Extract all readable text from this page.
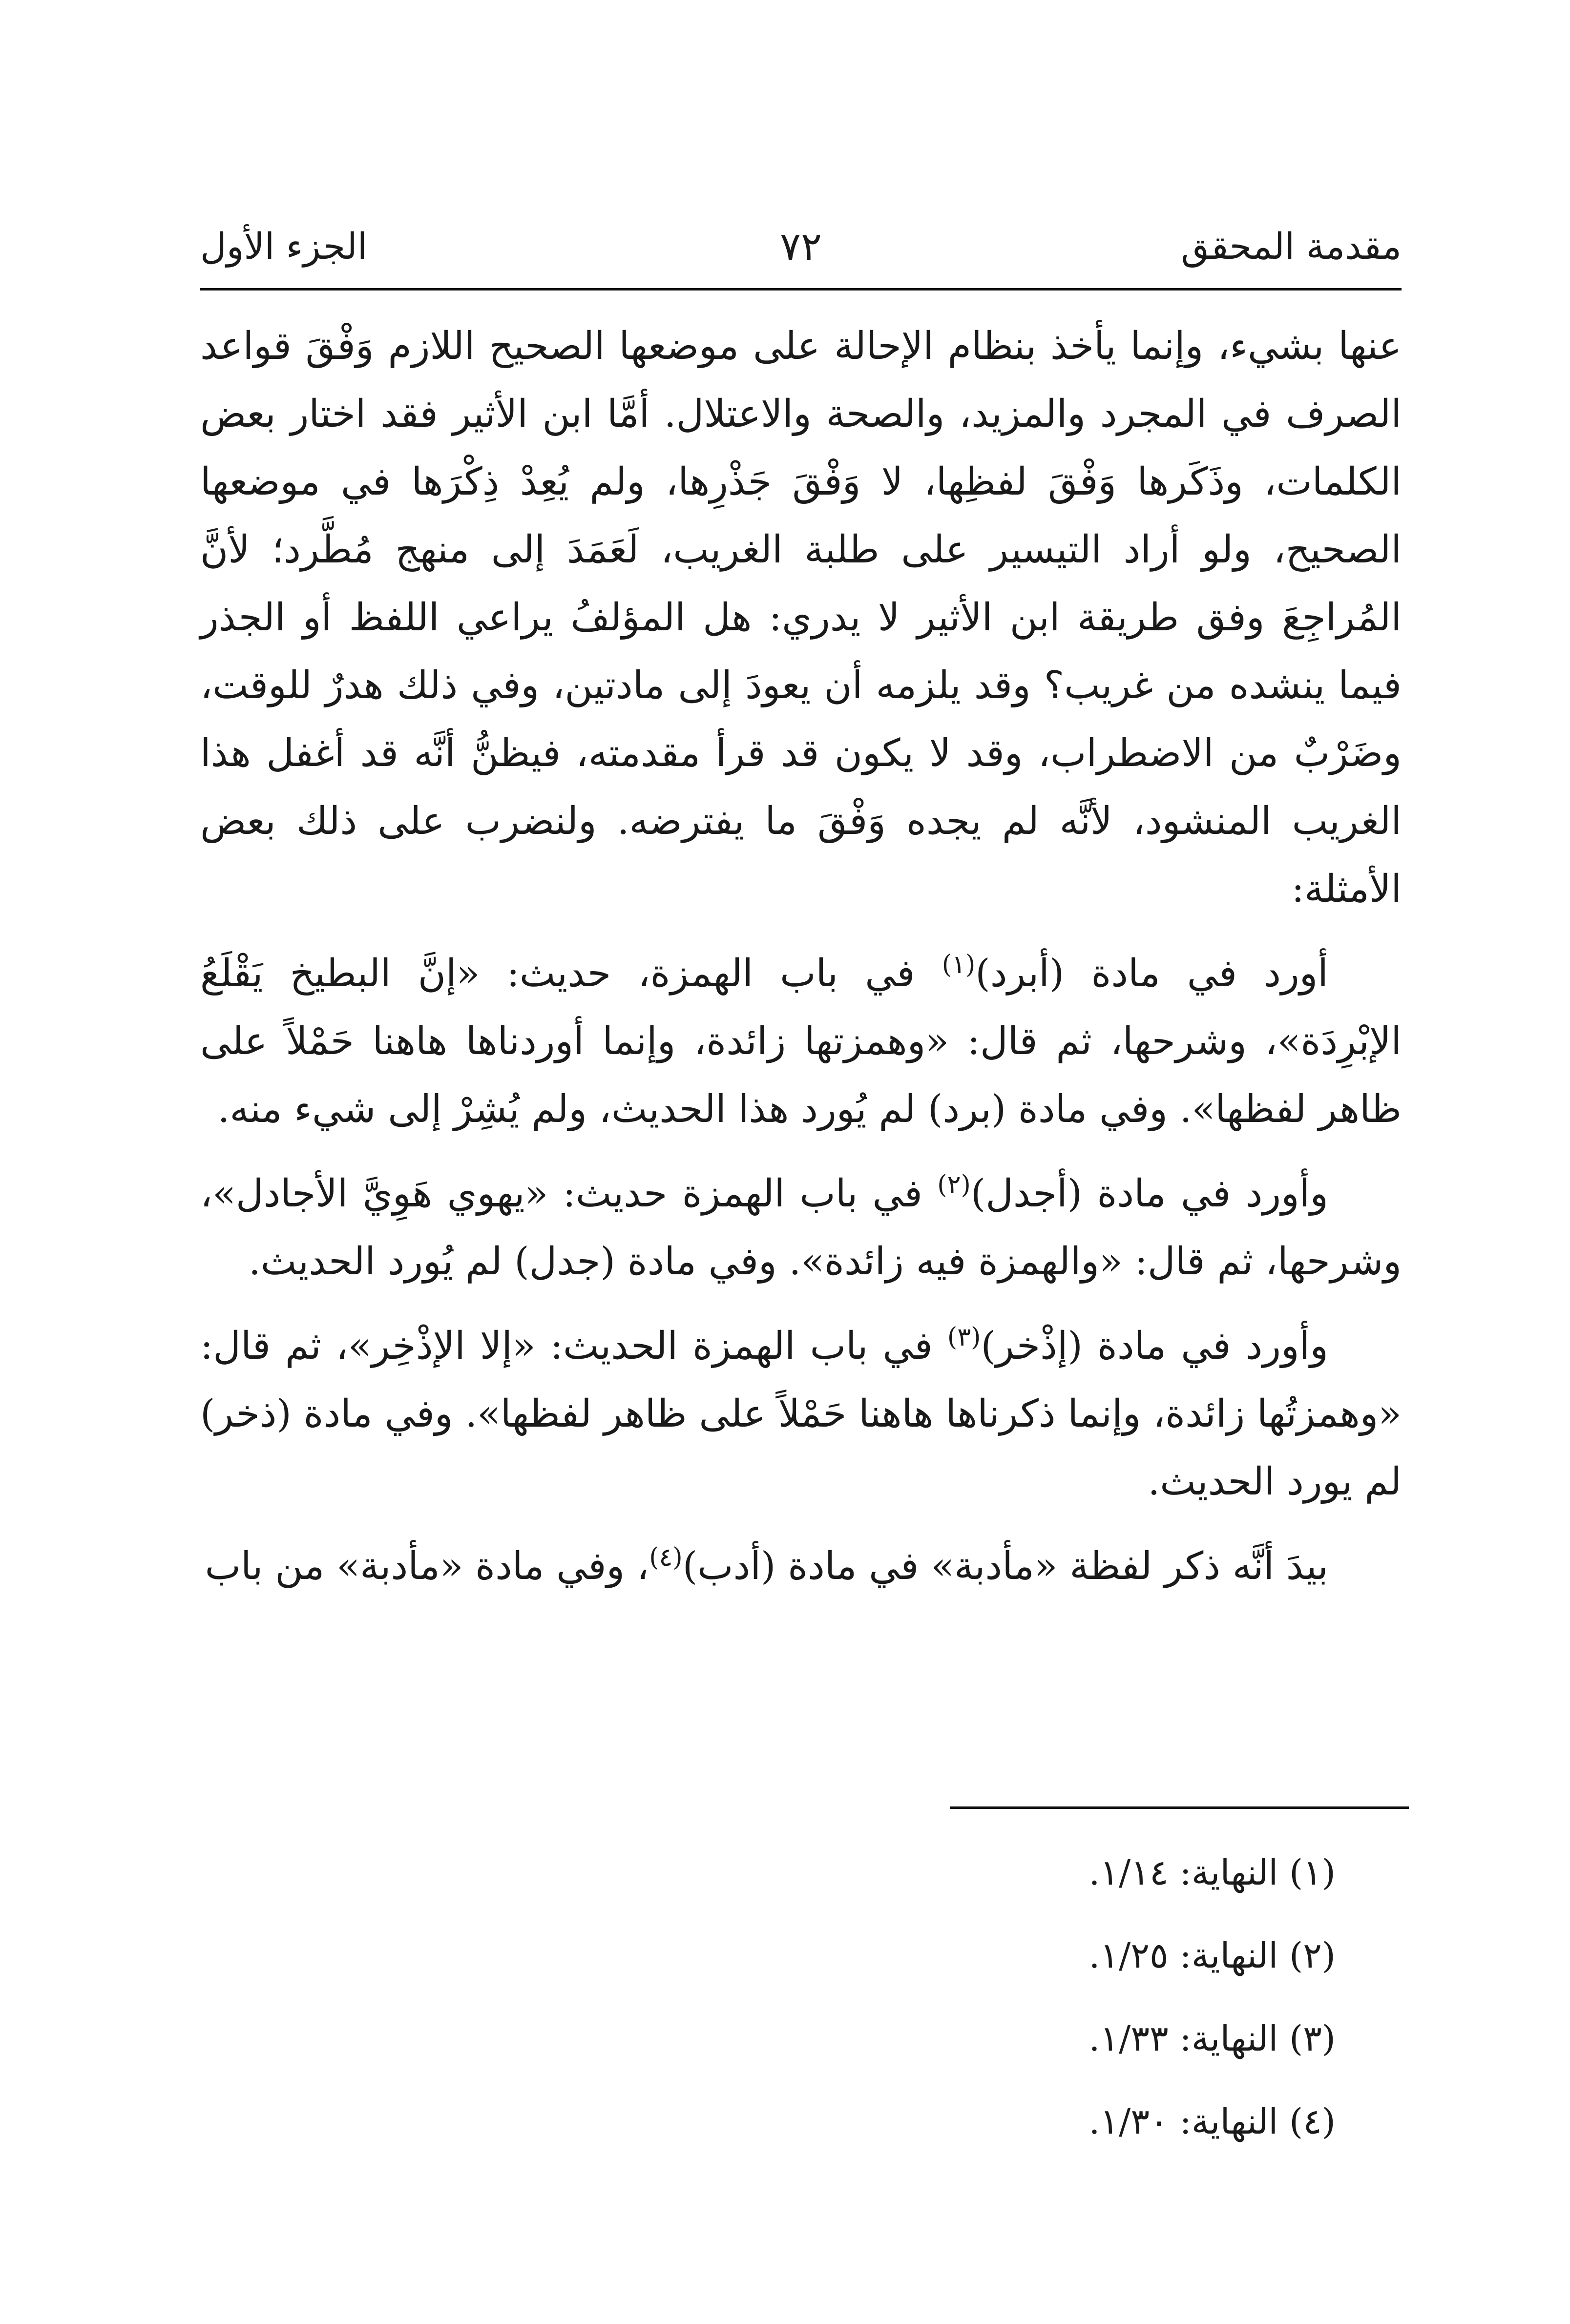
مقدمة المحقق
٧٢
الجزء الأول

عنها بشيء، وإنما يأخذ بنظام الإحالة على موضعها الصحيح اللازم وَفْقَ قواعد الصرف في المجرد والمزيد، والصحة والاعتلال. أمَّا ابن الأثير فقد اختار بعض الكلمات، وذَكَرها وَفْقَ لفظِها، لا وَفْقَ جَذْرِها، ولم يُعِدْ ذِكْرَها في موضعها الصحيح، ولو أراد التيسير على طلبة الغريب، لَعَمَدَ إلى منهج مُطَّرد؛ لأنَّ المُراجِعَ وفق طريقة ابن الأثير لا يدري: هل المؤلفُ يراعي اللفظ أو الجذر فيما ينشده من غريب؟ وقد يلزمه أن يعودَ إلى مادتين، وفي ذلك هدرٌ للوقت، وضَرْبٌ من الاضطراب، وقد لا يكون قد قرأ مقدمته، فيظنُّ أنَّه قد أغفل هذا الغريب المنشود، لأنَّه لم يجده وَفْقَ ما يفترضه. ولنضرب على ذلك بعض الأمثلة:

أورد في مادة (أبرد)$^{(١)}$ في باب الهمزة، حديث: «إنَّ البطيخ يَقْلَعُ الإبْرِدَة»، وشرحها، ثم قال: «وهمزتها زائدة، وإنما أوردناها هاهنا حَمْلاً على ظاهر لفظها». وفي مادة (برد) لم يُورد هذا الحديث، ولم يُشِرْ إلى شيء منه.

وأورد في مادة (أجدل)$^{(٢)}$ في باب الهمزة حديث: «يهوي هَوِيَّ الأجادل»، وشرحها، ثم قال: «والهمزة فيه زائدة». وفي مادة (جدل) لم يُورد الحديث.

وأورد في مادة (إذْخر)$^{(٣)}$ في باب الهمزة الحديث: «إلا الإذْخِر»، ثم قال: «وهمزتُها زائدة، وإنما ذكرناها هاهنا حَمْلاً على ظاهر لفظها». وفي مادة (ذخر) لم يورد الحديث.

بيدَ أنَّه ذكر لفظة «مأدبة» في مادة (أدب)$^{(٤)}$، وفي مادة «مأدبة» من باب

(١) النهاية: ١/١٤.
(٢) النهاية: ١/٢٥.
(٣) النهاية: ١/٣٣.
(٤) النهاية: ١/٣٠.
